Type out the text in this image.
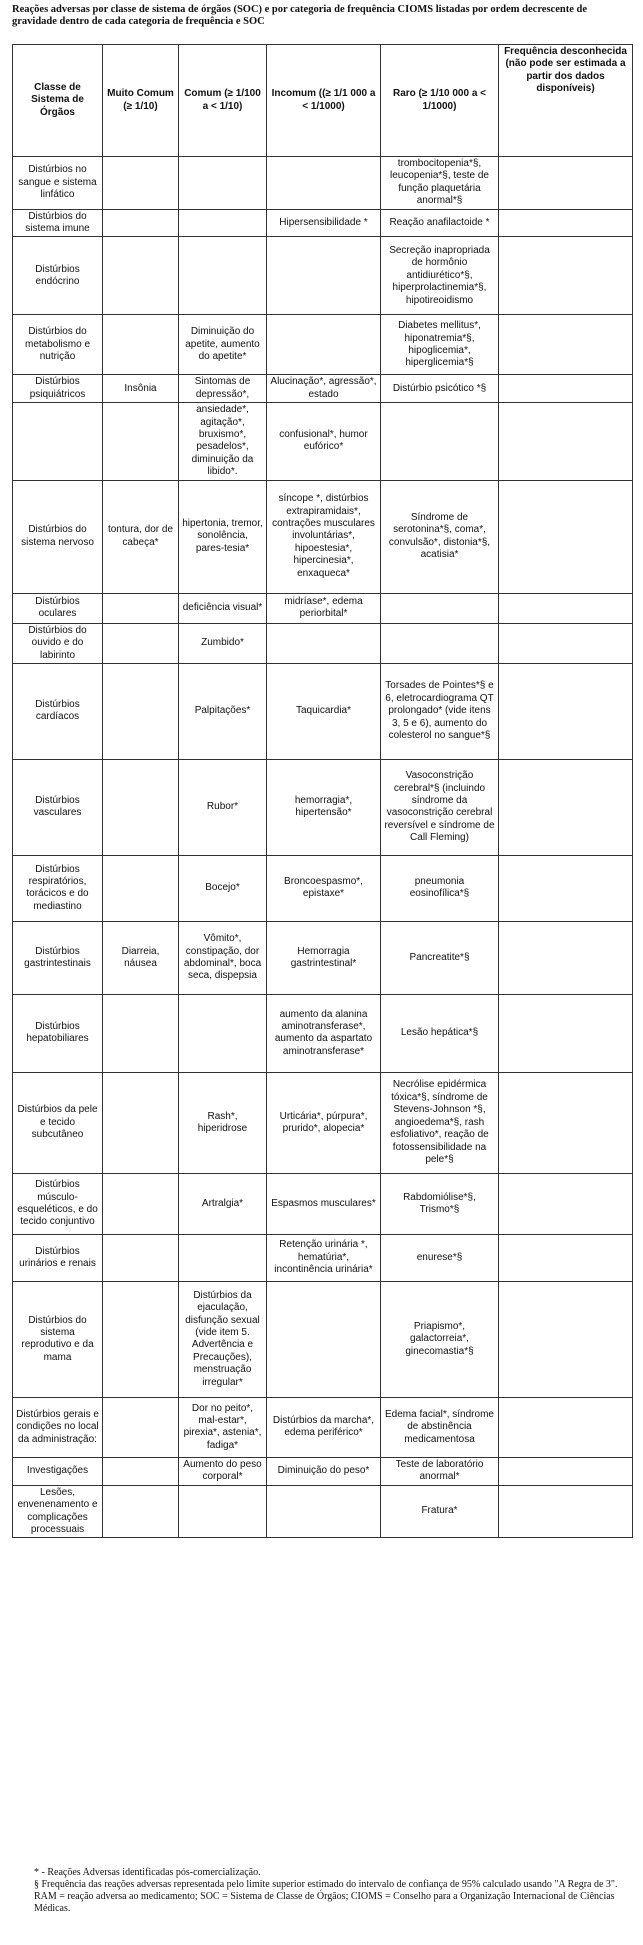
Reações adversas por classe de sistema de órgãos (SOC) e por categoria de frequência CIOMS listadas por ordem decrescente de gravidade dentro de cada categoria de frequência e SOC
Classe de Sistema de Órgãos	Muito Comum (≥ 1/10)	Comum (≥ 1/100 a < 1/10)	Incomum ((≥ 1/1 000 a < 1/1000)	Raro (≥ 1/10 000 a < 1/1000)	Frequência desconhecida (não pode ser estimada a partir dos dados disponíveis)
Distúrbios no sangue e sistema linfático				trombocitopenia*§, leucopenia*§, teste de função plaquetária anormal*§	
Distúrbios do sistema imune			Hipersensibilidade *	Reação anafilactoide *	
Distúrbios endócrino				Secreção inapropriada de hormônio antidiurético*§, hiperprolactinemia*§, hipotireoidismo	
Distúrbios do metabolismo e nutrição		Diminuição do apetite, aumento do apetite*		Diabetes mellitus*, hiponatremia*§, hipoglicemia*, hiperglicemia*§	
Distúrbios psiquiátricos	Insônia	Sintomas de depressão*,	Alucinação*, agressão*, estado	Distúrbio psicótico *§	
		ansiedade*, agitação*, bruxismo*, pesadelos*, diminuição da libido*.	confusional*, humor eufórico*		
Distúrbios do sistema nervoso	tontura, dor de cabeça*	hipertonia, tremor, sonolência, pares-tesia*	síncope *, distúrbios extrapiramidais*, contrações musculares involuntárias*, hipoestesia*, hipercinesia*, enxaqueca*	Síndrome de serotonina*§, coma*, convulsão*, distonia*§, acatisia*	
Distúrbios oculares		deficiência visual*	midríase*, edema periorbital*		
Distúrbios do ouvido e do labirinto		Zumbido*			
Distúrbios cardíacos		Palpitações*	Taquicardia*	Torsades de Pointes*§ e 6, eletrocardiograma QT prolongado* (vide itens 3, 5 e 6), aumento do colesterol no sangue*§	
Distúrbios vasculares		Rubor*	hemorragia*, hipertensão*	Vasoconstrição cerebral*§ (incluindo síndrome da vasoconstrição cerebral reversível e síndrome de Call Fleming)	
Distúrbios respiratórios, torácicos e do mediastino		Bocejo*	Broncoespasmo*, epistaxe*	pneumonia eosinofílica*§	
Distúrbios gastrintestinais	Diarreia, náusea	Vômito*, constipação, dor abdominal*, boca seca, dispepsia	Hemorragia gastrintestinal*	Pancreatite*§	
Distúrbios hepatobiliares			aumento da alanina aminotransferase*, aumento da aspartato aminotransferase*	Lesão hepática*§	
Distúrbios da pele e tecido subcutâneo		Rash*, hiperidrose	Urticária*, púrpura*, prurido*, alopecia*	Necrólise epidérmica tóxica*§, síndrome de Stevens-Johnson *§, angioedema*§, rash esfoliativo*, reação de fotossensibilidade na pele*§	
Distúrbios músculo-esqueléticos, e do tecido conjuntivo		Artralgia*	Espasmos musculares*	Rabdomiólise*§, Trismo*§	
Distúrbios urinários e renais			Retenção urinária *, hematúria*, incontinência urinária*	enurese*§	
Distúrbios do sistema reprodutivo e da mama		Distúrbios da ejaculação, disfunção sexual (vide item 5. Advertência e Precauções), menstruação irregular*		Priapismo*, galactorreia*, ginecomastia*§	
Distúrbios gerais e condições no local da administração:		Dor no peito*, mal-estar*, pirexia*, astenia*, fadiga*	Distúrbios da marcha*, edema periférico*	Edema facial*, síndrome de abstinência medicamentosa	
Investigações		Aumento do peso corporal*	Diminuição do peso*	Teste de laboratório anormal*	
Lesões, envenenamento e complicações processuais				Fratura*	
* - Reações Adversas identificadas pós-comercialização.
§ Frequência das reações adversas representada pelo limite superior estimado do intervalo de confiança de 95% calculado usando "A Regra de 3".
RAM = reação adversa ao medicamento; SOC = Sistema de Classe de Órgãos; CIOMS = Conselho para a Organização Internacional de Ciências Médicas.
